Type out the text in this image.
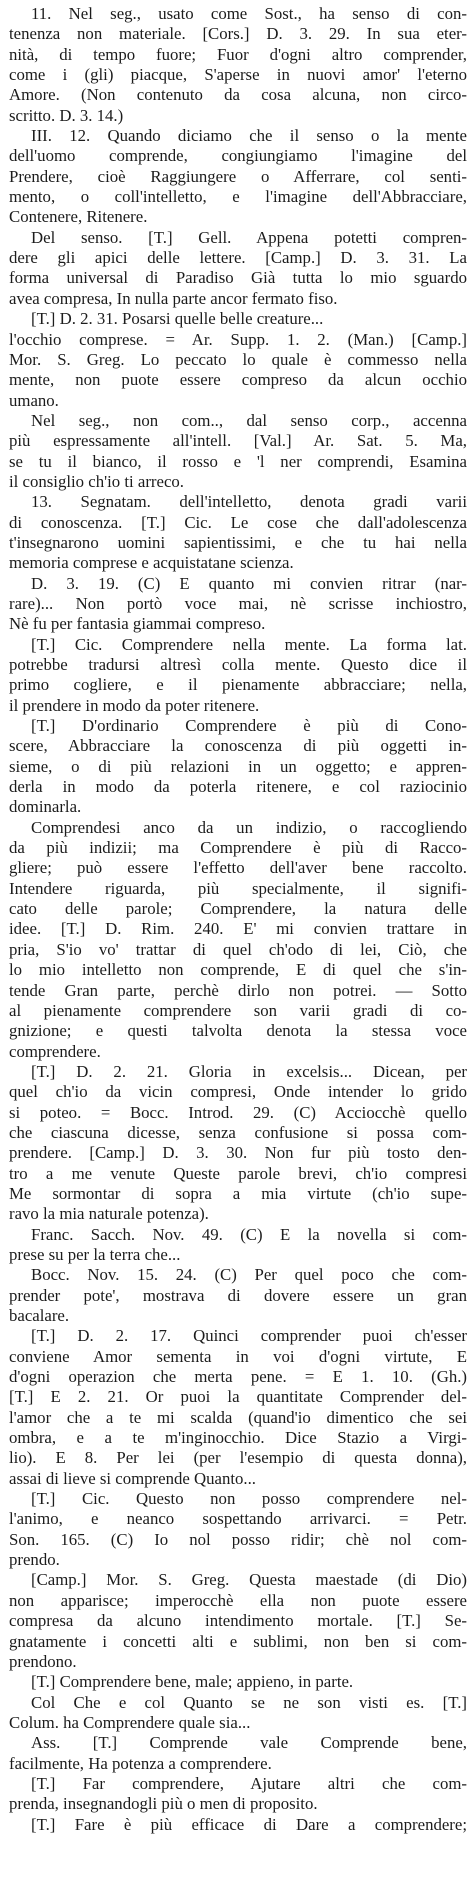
11. Nel seg., usato come Sost., ha senso di con-
tenenza non materiale. [Cors.] D. 3. 29. In sua eter-
nità, di tempo fuore; Fuor d'ogni altro comprender,
come i (gli) piacque, S'aperse in nuovi amor' l'eterno
Amore. (Non contenuto da cosa alcuna, non circo-
scritto. D. 3. 14.)
III. 12. Quando diciamo che il senso o la mente
dell'uomo comprende, congiungiamo l'imagine del
Prendere, cioè Raggiungere o Afferrare, col senti-
mento, o coll'intelletto, e l'imagine dell'Abbracciare,
Contenere, Ritenere.
Del senso. [T.] Gell. Appena potetti compren-
dere gli apici delle lettere. [Camp.] D. 3. 31. La
forma universal di Paradiso Già tutta lo mio sguardo
avea compresa, In nulla parte ancor fermato fiso.
[T.] D. 2. 31. Posarsi quelle belle creature...
l'occhio comprese. = Ar. Supp. 1. 2. (Man.) [Camp.]
Mor. S. Greg. Lo peccato lo quale è commesso nella
mente, non puote essere compreso da alcun occhio
umano.
Nel seg., non com.., dal senso corp., accenna
più espressamente all'intell. [Val.] Ar. Sat. 5. Ma,
se tu il bianco, il rosso e 'l ner comprendi, Esamina
il consiglio ch'io ti arreco.
13. Segnatam. dell'intelletto, denota gradi varii
di conoscenza. [T.] Cic. Le cose che dall'adolescenza
t'insegnarono uomini sapientissimi, e che tu hai nella
memoria comprese e acquistatane scienza.
D. 3. 19. (C) E quanto mi convien ritrar (nar-
rare)... Non portò voce mai, nè scrisse inchiostro,
Nè fu per fantasia giammai compreso.
[T.] Cic. Comprendere nella mente. La forma lat.
potrebbe tradursi altresì colla mente. Questo dice il
primo cogliere, e il pienamente abbracciare; nella,
il prendere in modo da poter ritenere.
[T.] D'ordinario Comprendere è più di Cono-
scere, Abbracciare la conoscenza di più oggetti in-
sieme, o di più relazioni in un oggetto; e appren-
derla in modo da poterla ritenere, e col raziocinio
dominarla.
Comprendesi anco da un indizio, o raccogliendo
da più indizii; ma Comprendere è più di Racco-
gliere; può essere l'effetto dell'aver bene raccolto.
Intendere riguarda, più specialmente, il signifi-
cato delle parole; Comprendere, la natura delle
idee. [T.] D. Rim. 240. E' mi convien trattare in
pria, S'io vo' trattar di quel ch'odo di lei, Ciò, che
lo mio intelletto non comprende, E di quel che s'in-
tende Gran parte, perchè dirlo non potrei. — Sotto
al pienamente comprendere son varii gradi di co-
gnizione; e questi talvolta denota la stessa voce
comprendere.
[T.] D. 2. 21. Gloria in excelsis... Dicean, per
quel ch'io da vicin compresi, Onde intender lo grido
si poteo. = Bocc. Introd. 29. (C) Acciocchè quello
che ciascuna dicesse, senza confusione si possa com-
prendere. [Camp.] D. 3. 30. Non fur più tosto den-
tro a me venute Queste parole brevi, ch'io compresi
Me sormontar di sopra a mia virtute (ch'io supe-
ravo la mia naturale potenza).
Franc. Sacch. Nov. 49. (C) E la novella si com-
prese su per la terra che...
Bocc. Nov. 15. 24. (C) Per quel poco che com-
prender pote', mostrava di dovere essere un gran
bacalare.
[T.] D. 2. 17. Quinci comprender puoi ch'esser
conviene Amor sementa in voi d'ogni virtute, E
d'ogni operazion che merta pene. = E 1. 10. (Gh.)
[T.] E 2. 21. Or puoi la quantitate Comprender del-
l'amor che a te mi scalda (quand'io dimentico che sei
ombra, e a te m'inginocchio. Dice Stazio a Virgi-
lio). E 8. Per lei (per l'esempio di questa donna),
assai di lieve si comprende Quanto...
[T.] Cic. Questo non posso comprendere nel-
l'animo, e neanco sospettando arrivarci. = Petr.
Son. 165. (C) Io nol posso ridir; chè nol com-
prendo.
[Camp.] Mor. S. Greg. Questa maestade (di Dio)
non apparisce; imperocchè ella non puote essere
compresa da alcuno intendimento mortale. [T.] Se-
gnatamente i concetti alti e sublimi, non ben si com-
prendono.
[T.] Comprendere bene, male; appieno, in parte.
Col Che e col Quanto se ne son visti es. [T.]
Colum. ha Comprendere quale sia...
Ass. [T.] Comprende vale Comprende bene,
facilmente, Ha potenza a comprendere.
[T.] Far comprendere, Ajutare altri che com-
prenda, insegnandogli più o men di proposito.
[T.] Fare è più efficace di Dare a comprendere;
